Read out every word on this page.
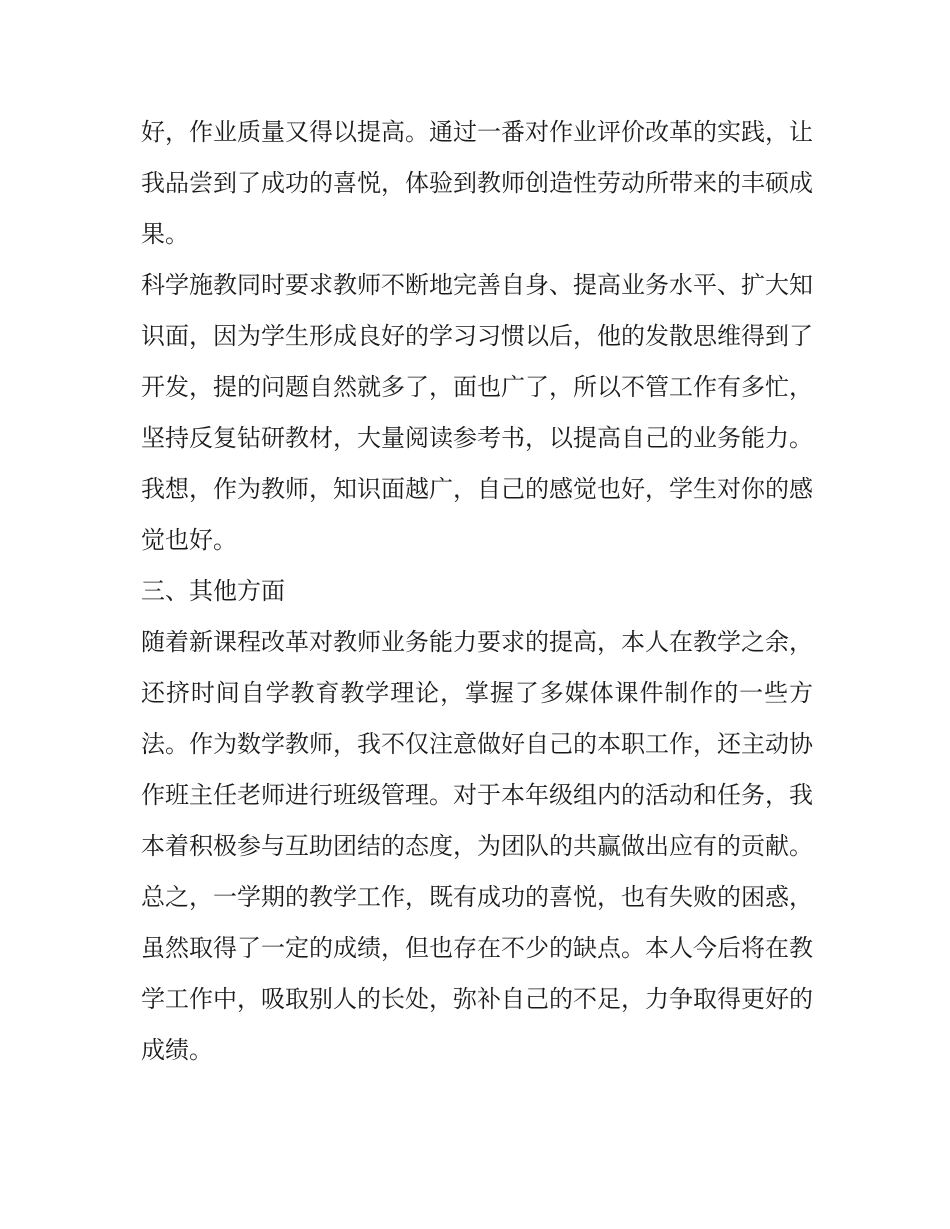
好，作业质量又得以提高。通过一番对作业评价改革的实践，让我品尝到了成功的喜悦，体验到教师创造性劳动所带来的丰硕成果。

科学施教同时要求教师不断地完善自身、提高业务水平、扩大知识面，因为学生形成良好的学习习惯以后，他的发散思维得到了开发，提的问题自然就多了，面也广了，所以不管工作有多忙，坚持反复钻研教材，大量阅读参考书，以提高自己的业务能力。我想，作为教师，知识面越广，自己的感觉也好，学生对你的感觉也好。

三、其他方面

随着新课程改革对教师业务能力要求的提高，本人在教学之余，还挤时间自学教育教学理论，掌握了多媒体课件制作的一些方法。作为数学教师，我不仅注意做好自己的本职工作，还主动协作班主任老师进行班级管理。对于本年级组内的活动和任务，我本着积极参与互助团结的态度，为团队的共赢做出应有的贡献。

总之，一学期的教学工作，既有成功的喜悦，也有失败的困惑，虽然取得了一定的成绩，但也存在不少的缺点。本人今后将在教学工作中，吸取别人的长处，弥补自己的不足，力争取得更好的成绩。
